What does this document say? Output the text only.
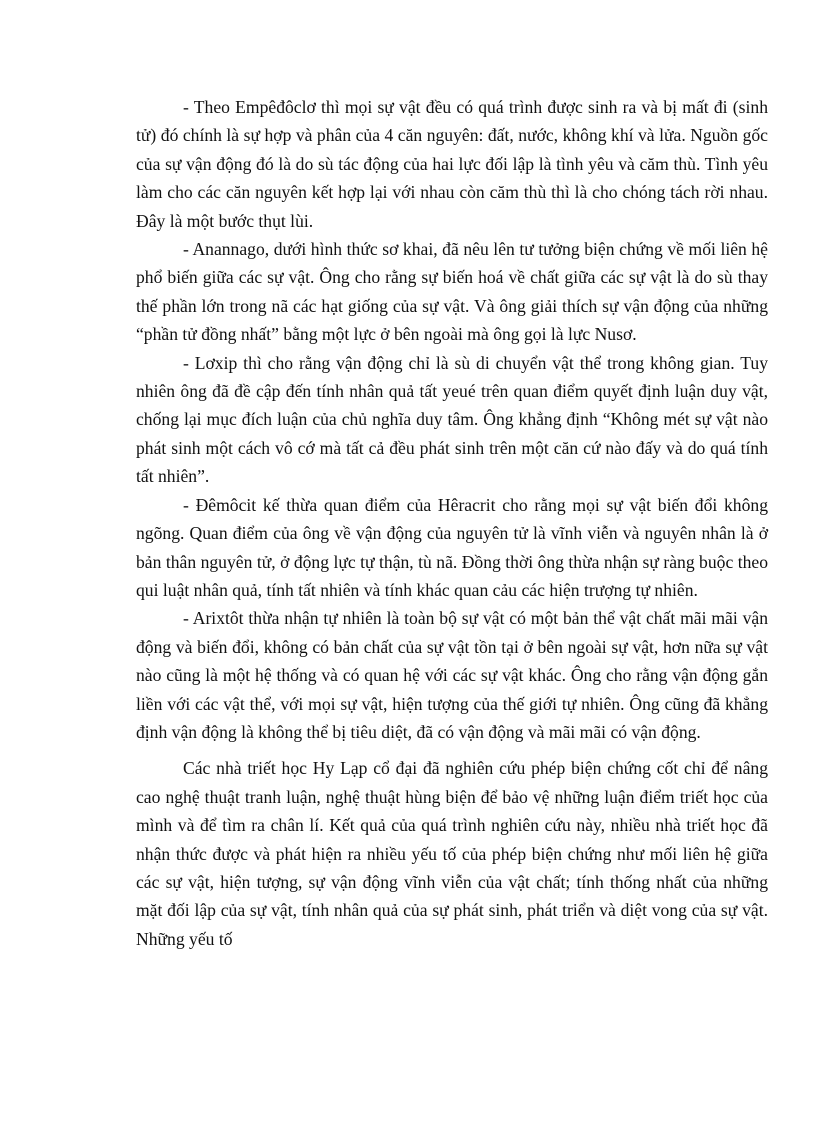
- Theo Empêđôclơ thì mọi sự vật đều có quá trình được sinh ra và bị mất đi (sinh tử) đó chính là sự hợp và phân của 4 căn nguyên: đất, nước, không khí và lửa. Nguồn gốc của sự vận động đó là do sù tác động của hai lực đối lập là tình yêu và căm thù. Tình yêu làm cho các căn nguyên kết hợp lại với nhau còn căm thù thì là cho chóng tách rời nhau. Đây là một bước thụt lùi.

- Anannago, dưới hình thức sơ khai, đã nêu lên tư tưởng biện chứng về mối liên hệ phổ biến giữa các sự vật. Ông cho rằng sự biến hoá về chất giữa các sự vật là do sù thay thế phần lớn trong nã các hạt giống của sự vật. Và ông giải thích sự vận động của những “phần tử đồng nhất” bằng một lực ở bên ngoài mà ông gọi là lực Nusơ.

- Lơxip thì cho rằng vận động chỉ là sù di chuyển vật thể trong không gian. Tuy nhiên ông đã đề cập đến tính nhân quả tất yeué trên quan điểm quyết định luận duy vật, chống lại mục đích luận của chủ nghĩa duy tâm. Ông khẳng định “Không mét sự vật nào phát sinh một cách vô cớ mà tất cả đều phát sinh trên một căn cứ nào đấy và do quá tính tất nhiên”.

- Đêmôcit kế thừa quan điểm của Hêracrit cho rằng mọi sự vật biến đổi không ngõng. Quan điểm của ông về vận động của nguyên tử là vĩnh viễn và nguyên nhân là ở bản thân nguyên tử, ở động lực tự thận, tù nã. Đồng thời ông thừa nhận sự ràng buộc theo qui luật nhân quả, tính tất nhiên và tính khác quan cảu các hiện trượng tự nhiên.

- Arixtôt thừa nhận tự nhiên là toàn bộ sự vật có một bản thể vật chất mãi mãi vận động và biến đổi, không có bản chất của sự vật tồn tại ở bên ngoài sự vật, hơn nữa sự vật nào cũng là một hệ thống và có quan hệ với các sự vật khác. Ông cho rằng vận động gắn liền với các vật thể, với mọi sự vật, hiện tượng của thế giới tự nhiên. Ông cũng đã khẳng định vận động là không thể bị tiêu diệt, đã có vận động và mãi mãi có vận động.

Các nhà triết học Hy Lạp cổ đại đã nghiên cứu phép biện chứng cốt chỉ để nâng cao nghệ thuật tranh luận, nghệ thuật hùng biện để bảo vệ những luận điểm triết học của mình và để tìm ra chân lí. Kết quả của quá trình nghiên cứu này, nhiều nhà triết học đã nhận thức được và phát hiện ra nhiều yếu tố của phép biện chứng như mối liên hệ giữa các sự vật, hiện tượng, sự vận động vĩnh viễn của vật chất; tính thống nhất của những mặt đối lập của sự vật, tính nhân quả của sự phát sinh, phát triển và diệt vong của sự vật. Những yếu tố
